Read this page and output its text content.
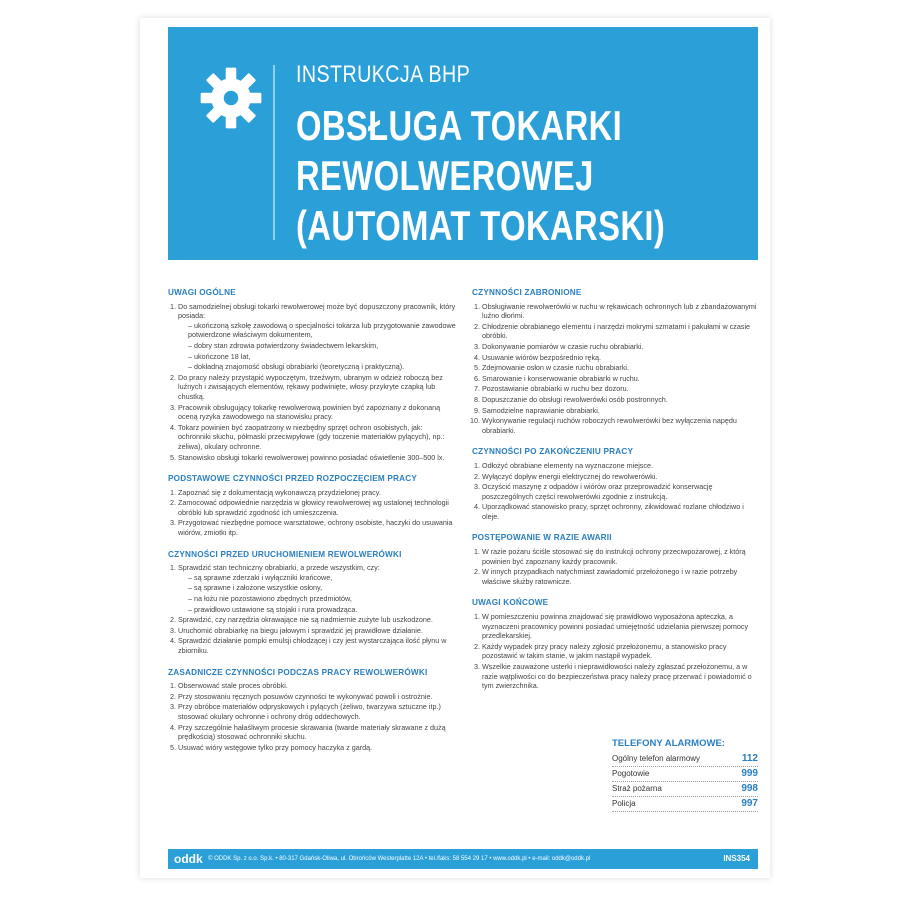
INSTRUKCJA BHP
OBSŁUGA TOKARKI
REWOLWEROWEJ
(AUTOMAT TOKARSKI)
UWAGI OGÓLNE
1. Do samodzielnej obsługi tokarki rewolwerowej może być dopuszczony pracownik, który posiada:
– ukończoną szkołę zawodową o specjalności tokarza lub przygotowanie zawodowe potwierdzone właściwym dokumentem,
– dobry stan zdrowia potwierdzony świadectwem lekarskim,
– ukończone 18 lat,
– dokładną znajomość obsługi obrabiarki (teoretyczną i praktyczną).
2. Do pracy należy przystąpić wypoczętym, trzeźwym, ubranym w odzież roboczą bez luźnych i zwisających elementów, rękawy podwinięte, włosy przykryte czapką lub chustką.
3. Pracownik obsługujący tokarkę rewolwerową powinien być zapoznany z dokonaną oceną ryzyka zawodowego na stanowisku pracy.
4. Tokarz powinien być zaopatrzony w niezbędny sprzęt ochron osobistych, jak: ochronniki słuchu, półmaski przeciwpyłowe (gdy toczenie materiałów pylących), np.: żeliwa), okulary ochronne.
5. Stanowisko obsługi tokarki rewolwerowej powinno posiadać oświetlenie 300–500 lx.
PODSTAWOWE CZYNNOŚCI PRZED ROZPOCZĘCIEM PRACY
1. Zapoznać się z dokumentacją wykonawczą przydzielonej pracy.
2. Zamocować odpowiednie narzędzia w głowicy rewolwerowej wg ustalonej technologii obróbki lub sprawdzić zgodność ich umieszczenia.
3. Przygotować niezbędne pomoce warsztatowe, ochrony osobiste, haczyki do usuwania wiórów, zmiotki itp.
CZYNNOŚCI PRZED URUCHOMIENIEM REWOLWERÓWKI
1. Sprawdzić stan techniczny obrabiarki, a przede wszystkim, czy:
– są sprawne zderzaki i wyłączniki krańcowe,
– są sprawne i założone wszystkie osłony,
– na łożu nie pozostawiono zbędnych przedmiotów,
– prawidłowo ustawione są stojaki i rura prowadząca.
2. Sprawdzić, czy narzędzia okrawające nie są nadmiernie zużyte lub uszkodzone.
3. Uruchomić obrabiarkę na biegu jałowym i sprawdzić jej prawidłowe działanie.
4. Sprawdzić działanie pompki emulsji chłodzącej i czy jest wystarczająca ilość płynu w zbiorniku.
ZASADNICZE CZYNNOŚCI PODCZAS PRACY REWOLWERÓWKI
1. Obserwować stale proces obróbki.
2. Przy stosowaniu ręcznych posuwów czynności te wykonywać powoli i ostrożnie.
3. Przy obróbce materiałów odpryskowych i pylących (żeliwo, twarzywa sztuczne itp.) stosować okulary ochronne i ochrony dróg oddechowych.
4. Przy szczególnie hałaśliwym procesie skrawania (twarde materiały skrawane z dużą prędkością) stosować ochronniki słuchu.
5. Usuwać wióry wstęgowe tylko przy pomocy haczyka z gardą.
CZYNNOŚCI ZABRONIONE
1. Obsługiwanie rewolwerówki w ruchu w rękawicach ochronnych lub z zbandażowanymi luźno dłońmi.
2. Chłodzenie obrabianego elementu i narzędzi mokrymi szmatami i pakułami w czasie obróbki.
3. Dokonywanie pomiarów w czasie ruchu obrabiarki.
4. Usuwanie wiórów bezpośrednio ręką.
5. Zdejmowanie osłon w czasie ruchu obrabiarki.
6. Smarowanie i konserwowanie obrabiarki w ruchu.
7. Pozostawianie obrabiarki w ruchu bez dozoru.
8. Dopuszczanie do obsługi rewolwerówki osób postronnych.
9. Samodzielne naprawianie obrabiarki.
10. Wykonywanie regulacji ruchów roboczych rewolwerówki bez wyłączenia napędu obrabiarki.
CZYNNOŚCI PO ZAKOŃCZENIU PRACY
1. Odłożyć obrabiane elementy na wyznaczone miejsce.
2. Wyłączyć dopływ energii elektrycznej do rewolwerówki.
3. Oczyścić maszynę z odpadów i wiórów oraz przeprowadzić konserwację poszczególnych części rewolwerówki zgodnie z instrukcją.
4. Uporządkować stanowisko pracy, sprzęt ochronny, zikwidować rozlane chłodziwo i oleje.
POSTĘPOWANIE W RAZIE AWARII
1. W razie pożaru ściśle stosować się do instrukcji ochrony przeciwpożarowej, z którą powinien być zapoznany każdy pracownik.
2. W innych przypadkach natychmiast zawiadomić przełożonego i w razie potrzeby właściwe służby ratownicze.
UWAGI KOŃCOWE
1. W pomieszczeniu powinna znajdować się prawidłowo wyposażona apteczka, a wyznaczeni pracownicy powinni posiadać umiejętność udzielania pierwszej pomocy przedlekarskiej.
2. Każdy wypadek przy pracy należy zgłosić przełożonemu, a stanowisko pracy pozostawić w takim stanie, w jakim nastąpił wypadek.
3. Wszelkie zauważone usterki i nieprawidłowości należy zgłaszać przełożonemu, a w razie wątpliwości co do bezpieczeństwa pracy należy pracę przerwać i powiadomić o tym zwierzchnika.
TELEFONY ALARMOWE:
Ogólny telefon alarmowy	112
Pogotowie	999
Straż pożarna	998
Policja	997
oddk © ODDK Sp. z o.o. Sp.k. • 80-317 Gdańsk-Oliwa, ul. Obrońców Westerplatte 12A • tel./faks: 58 554 29 17 • www.oddk.pl • e-mail: oddk@oddk.pl	INS354
